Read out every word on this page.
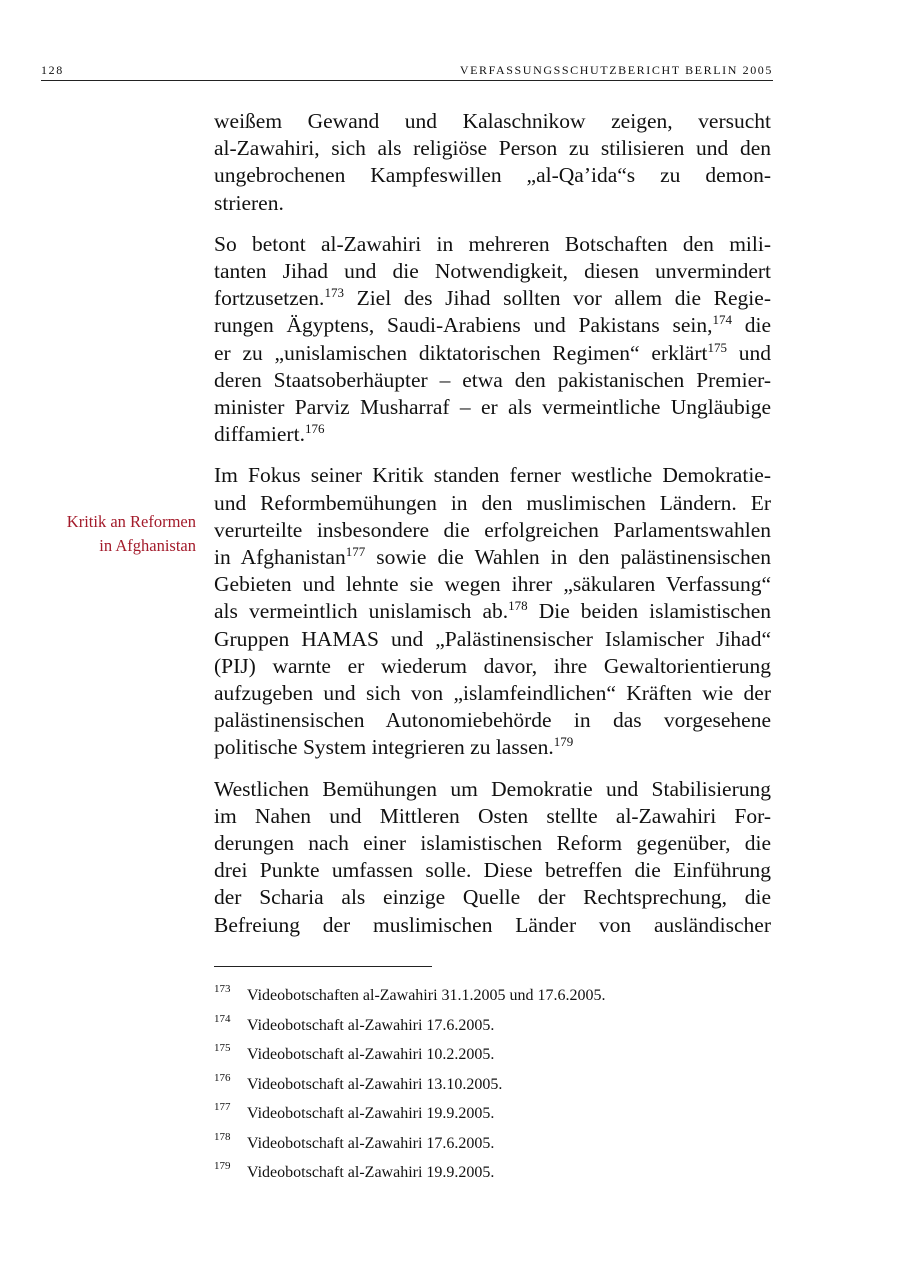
128	VERFASSUNGSSCHUTZBERICHT BERLIN 2005
Kritik an Reformen
in Afghanistan

weißem Gewand und Kalaschnikow zeigen, versucht
al-Zawahiri, sich als religiöse Person zu stilisieren und den
ungebrochenen Kampfeswillen „al-Qa’ida“s zu demon-
strieren.

So betont al-Zawahiri in mehreren Botschaften den mili-
tanten Jihad und die Notwendigkeit, diesen unvermindert
fortzusetzen.$^{173}$ Ziel des Jihad sollten vor allem die Regie-
rungen Ägyptens, Saudi-Arabiens und Pakistans sein,$^{174}$ die
er zu „unislamischen diktatorischen Regimen“ erklärt$^{175}$ und
deren Staatsoberhäupter – etwa den pakistanischen Premier-
minister Parviz Musharraf – er als vermeintliche Ungläubige
diffamiert.$^{176}$

Im Fokus seiner Kritik standen ferner westliche Demokratie-
und Reformbemühungen in den muslimischen Ländern. Er
verurteilte insbesondere die erfolgreichen Parlamentswahlen
in Afghanistan$^{177}$ sowie die Wahlen in den palästinensischen
Gebieten und lehnte sie wegen ihrer „säkularen Verfassung“
als vermeintlich unislamisch ab.$^{178}$ Die beiden islamistischen
Gruppen HAMAS und „Palästinensischer Islamischer Jihad“
(PIJ) warnte er wiederum davor, ihre Gewaltorientierung
aufzugeben und sich von „islamfeindlichen“ Kräften wie der
palästinensischen Autonomiebehörde in das vorgesehene
politische System integrieren zu lassen.$^{179}$

Westlichen Bemühungen um Demokratie und Stabilisierung
im Nahen und Mittleren Osten stellte al-Zawahiri For-
derungen nach einer islamistischen Reform gegenüber, die
drei Punkte umfassen solle. Diese betreffen die Einführung
der Scharia als einzige Quelle der Rechtsprechung, die
Befreiung der muslimischen Länder von ausländischer

173 Videobotschaften al-Zawahiri 31.1.2005 und 17.6.2005.
174 Videobotschaft al-Zawahiri 17.6.2005.
175 Videobotschaft al-Zawahiri 10.2.2005.
176 Videobotschaft al-Zawahiri 13.10.2005.
177 Videobotschaft al-Zawahiri 19.9.2005.
178 Videobotschaft al-Zawahiri 17.6.2005.
179 Videobotschaft al-Zawahiri 19.9.2005.
